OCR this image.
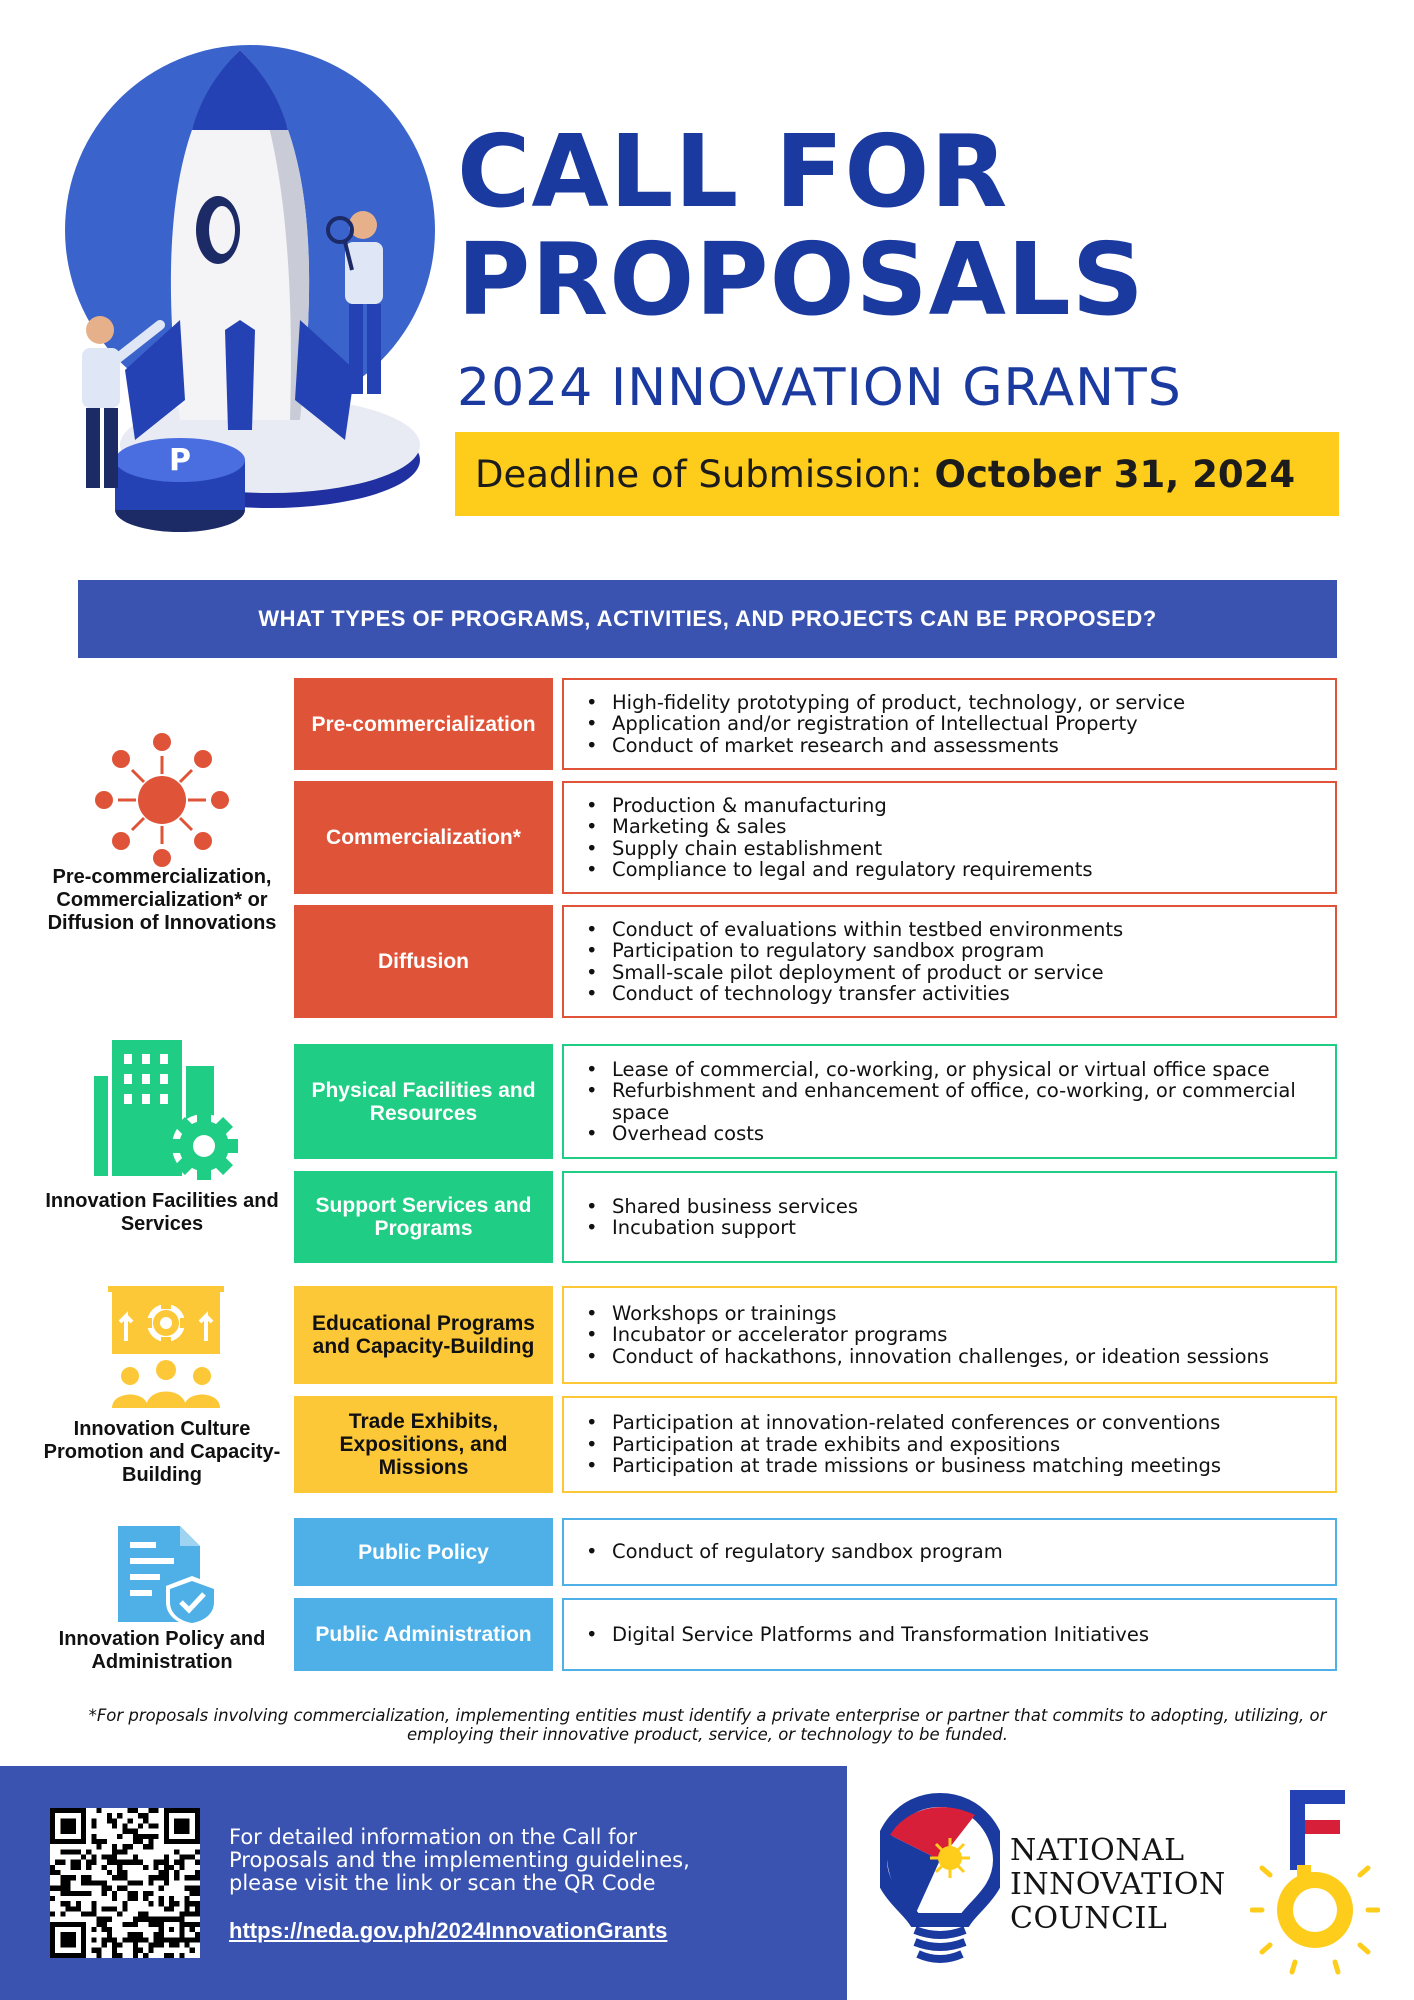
P
CALL FOR
PROPOSALS
2024 INNOVATION GRANTS
Deadline of Submission: October 31, 2024
WHAT TYPES OF PROGRAMS, ACTIVITIES, AND PROJECTS CAN BE PROPOSED?
Pre-commercialization, Commercialization* or Diffusion of Innovations
Pre-commercialization
• High-fidelity prototyping of product, technology, or service
• Application and/or registration of Intellectual Property
• Conduct of market research and assessments
Commercialization*
• Production & manufacturing
• Marketing & sales
• Supply chain establishment
• Compliance to legal and regulatory requirements
Diffusion
• Conduct of evaluations within testbed environments
• Participation to regulatory sandbox program
• Small-scale pilot deployment of product or service
• Conduct of technology transfer activities
Innovation Facilities and Services
Physical Facilities and Resources
• Lease of commercial, co-working, or physical or virtual office space
• Refurbishment and enhancement of office, co-working, or commercial space
• Overhead costs
Support Services and Programs
• Shared business services
• Incubation support
Innovation Culture Promotion and Capacity-Building
Educational Programs and Capacity-Building
• Workshops or trainings
• Incubator or accelerator programs
• Conduct of hackathons, innovation challenges, or ideation sessions
Trade Exhibits, Expositions, and Missions
• Participation at innovation-related conferences or conventions
• Participation at trade exhibits and expositions
• Participation at trade missions or business matching meetings
Innovation Policy and Administration
Public Policy	• Conduct of regulatory sandbox program
Public Administration	• Digital Service Platforms and Transformation Initiatives
*For proposals involving commercialization, implementing entities must identify a private enterprise or partner that commits to adopting, utilizing, or employing their innovative product, service, or technology to be funded.
For detailed information on the Call for
Proposals and the implementing guidelines,
please visit the link or scan the QR Code
https://neda.gov.ph/2024InnovationGrants
NATIONAL
INNOVATION
COUNCIL
